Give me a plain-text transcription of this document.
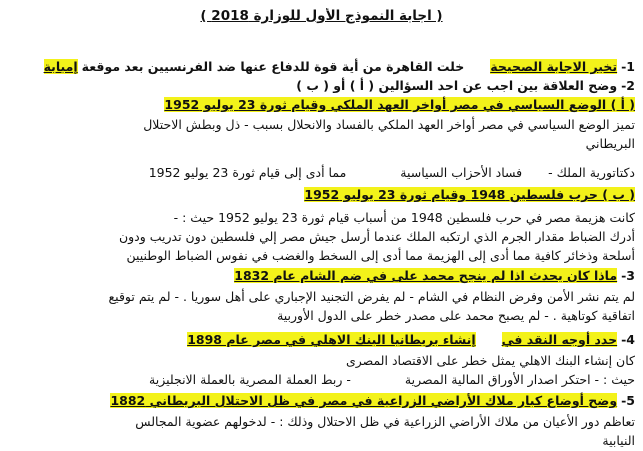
( اجابة النموذج الأول للوزارة 2018 )
1- تخير الاجابة الصحيحة  خلت القاهرة من أية قوة للدفاع عنها ضد الفرنسيين بعد موقعة إمبابة
2- وضح العلاقة بين اجب عن احد السؤالين ( أ ) أو ( ب )
( أ ) الوضع السياسي في مصر أواخر العهد الملكي وقيام ثورة 23 يوليو 1952
تميز الوضع السياسي في مصر أواخر العهد الملكي بالفساد والانحلال بسبب - ذل وبطش الاحتلال
البريطاني
دكتاتورية الملك -  فساد الأحزاب السياسية  مما أدى إلى قيام ثورة 23 يوليو 1952
( ب ) حرب فلسطين 1948 وقيام ثورة 23 يوليو 1952
كانت هزيمة مصر في حرب فلسطين 1948 من أسباب قيام ثورة 23 يوليو 1952 حيث : -
أدرك الضباط مقدار الجرم الذي ارتكبه الملك عندما أرسل جيش مصر إلي فلسطين دون تدريب ودون
أسلحة وذخائر كافية مما أدى إلى الهزيمة مما أدى إلى السخط والغضب في نفوس الضباط الوطنيين
3- ماذا كان يحدث اذا لم ينجح محمد على في ضم الشام عام 1832
لم يتم نشر الأمن وفرض النظام في الشام - لم يفرض التجنيد الإجباري على أهل سوريا . - لم يتم توقيع
اتفاقية كوتاهية . - لم يصبح محمد على مصدر خطر على الدول الأوربية
4- حدد أوجه النقد في  إنشاء بريطانيا البنك الاهلي في مصر عام 1898
كان إنشاء البنك الاهلي يمثل خطر على الاقتصاد المصرى
حيث : - احتكر اصدار الأوراق المالية المصرية  - ربط العملة المصرية بالعملة الانجليزية
5- وضح أوضاع كبار ملاك الأراضي الزراعية في مصر في ظل الاحتلال البريطاني 1882
تعاظم دور الأعيان من ملاك الأراضي الزراعية في ظل الاحتلال وذلك : - لدخولهم عضوية المجالس
النيابية
